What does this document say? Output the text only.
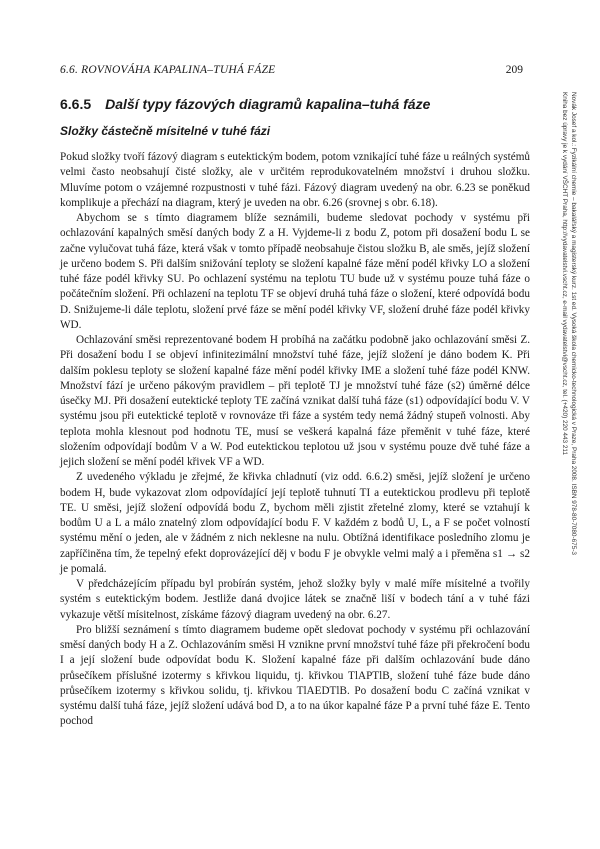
6.6. ROVNOVÁHA KAPALINA–TUHÁ FÁZE	209
6.6.5 Další typy fázových diagramů kapalina–tuhá fáze
Složky částečně mísitelné v tuhé fázi

Pokud složky tvoří fázový diagram s eutektickým bodem, potom vznikající tuhé fáze u reálných systémů velmi často neobsahují čisté složky, ale v určitém reprodukovatelném množství i druhou složku. Mluvíme potom o vzájemné rozpustnosti v tuhé fázi. Fázový diagram uvedený na obr. 6.23 se poněkud komplikuje a přechází na diagram, který je uveden na obr. 6.26 (srovnej s obr. 6.18).

Abychom se s tímto diagramem blíže seznámili, budeme sledovat pochody v systému při ochlazování kapalných směsí daných body Z a H. Vyjdeme-li z bodu Z, potom při dosažení bodu L se začne vylučovat tuhá fáze, která však v tomto případě neobsahuje čistou složku B, ale směs, jejíž složení je určeno bodem S. Při dalším snižování teploty se složení kapalné fáze mění podél křivky LO a složení tuhé fáze podél křivky SU. Po ochlazení systému na teplotu TU bude už v systému pouze tuhá fáze o počátečním složení. Při ochlazení na teplotu TF se objeví druhá tuhá fáze o složení, které odpovídá bodu D. Snižujeme-li dále teplotu, složení prvé fáze se mění podél křivky VF, složení druhé fáze podél křivky WD.

Ochlazování směsi reprezentované bodem H probíhá na začátku podobně jako ochlazování směsi Z. Při dosažení bodu I se objeví infinitezimální množství tuhé fáze, jejíž složení je dáno bodem K. Při dalším poklesu teploty se složení kapalné fáze mění podél křivky IME a složení tuhé fáze podél KNW. Množství fází je určeno pákovým pravidlem – při teplotě TJ je množství tuhé fáze (s2) úměrné délce úsečky MJ. Při dosažení eutektické teploty TE začíná vznikat další tuhá fáze (s1) odpovídající bodu V. V systému jsou při eutektické teplotě v rovnováze tři fáze a systém tedy nemá žádný stupeň volnosti. Aby teplota mohla klesnout pod hodnotu TE, musí se veškerá kapalná fáze přeměnit v tuhé fáze, které složením odpovídají bodům V a W. Pod eutektickou teplotou už jsou v systému pouze dvě tuhé fáze a jejich složení se mění podél křivek VF a WD.

Z uvedeného výkladu je zřejmé, že křivka chladnutí (viz odd. 6.6.2) směsi, jejíž složení je určeno bodem H, bude vykazovat zlom odpovídající její teplotě tuhnutí TI a eutektickou prodlevu při teplotě TE. U směsi, jejíž složení odpovídá bodu Z, bychom měli zjistit zřetelné zlomy, které se vztahují k bodům U a L a málo znatelný zlom odpovídající bodu F. V každém z bodů U, L, a F se počet volností systému mění o jeden, ale v žádném z nich neklesne na nulu. Obtížná identifikace posledního zlomu je zapříčiněna tím, že tepelný efekt doprovázející děj v bodu F je obvykle velmi malý a i přeměna s1 → s2 je pomalá.

V předcházejícím případu byl probírán systém, jehož složky byly v malé míře mísitelné a tvořily systém s eutektickým bodem. Jestliže daná dvojice látek se značně liší v bodech tání a v tuhé fázi vykazuje větší mísitelnost, získáme fázový diagram uvedený na obr. 6.27.

Pro bližší seznámení s tímto diagramem budeme opět sledovat pochody v systému při ochlazování směsí daných body H a Z. Ochlazováním směsi H vznikne první množství tuhé fáze při překročení bodu I a její složení bude odpovídat bodu K. Složení kapalné fáze při dalším ochlazování bude dáno průsečíkem příslušné izotermy s křivkou liquidu, tj. křivkou TlAPTlB, složení tuhé fáze bude dáno průsečíkem izotermy s křivkou solidu, tj. křivkou TlAEDTlB. Po dosažení bodu C začíná vznikat v systému další tuhá fáze, jejíž složení udává bod D, a to na úkor kapalné fáze P a první tuhé fáze E. Tento pochod

Novák Josef a kol.: Fyzikální chemie – bakalářský a magisterský kurz. 1st ed. Vysoká škola chemicko-technologická v Praze, Praha 2008. ISBN 978-80-7080-675-3
Kniha bez úpravy je k vydání VŠCHT Praha, http://vydavatelstvi.vscht.cz, e-mail vydavatelstvi@vscht.cz, tel. (+420) 220 443 211
